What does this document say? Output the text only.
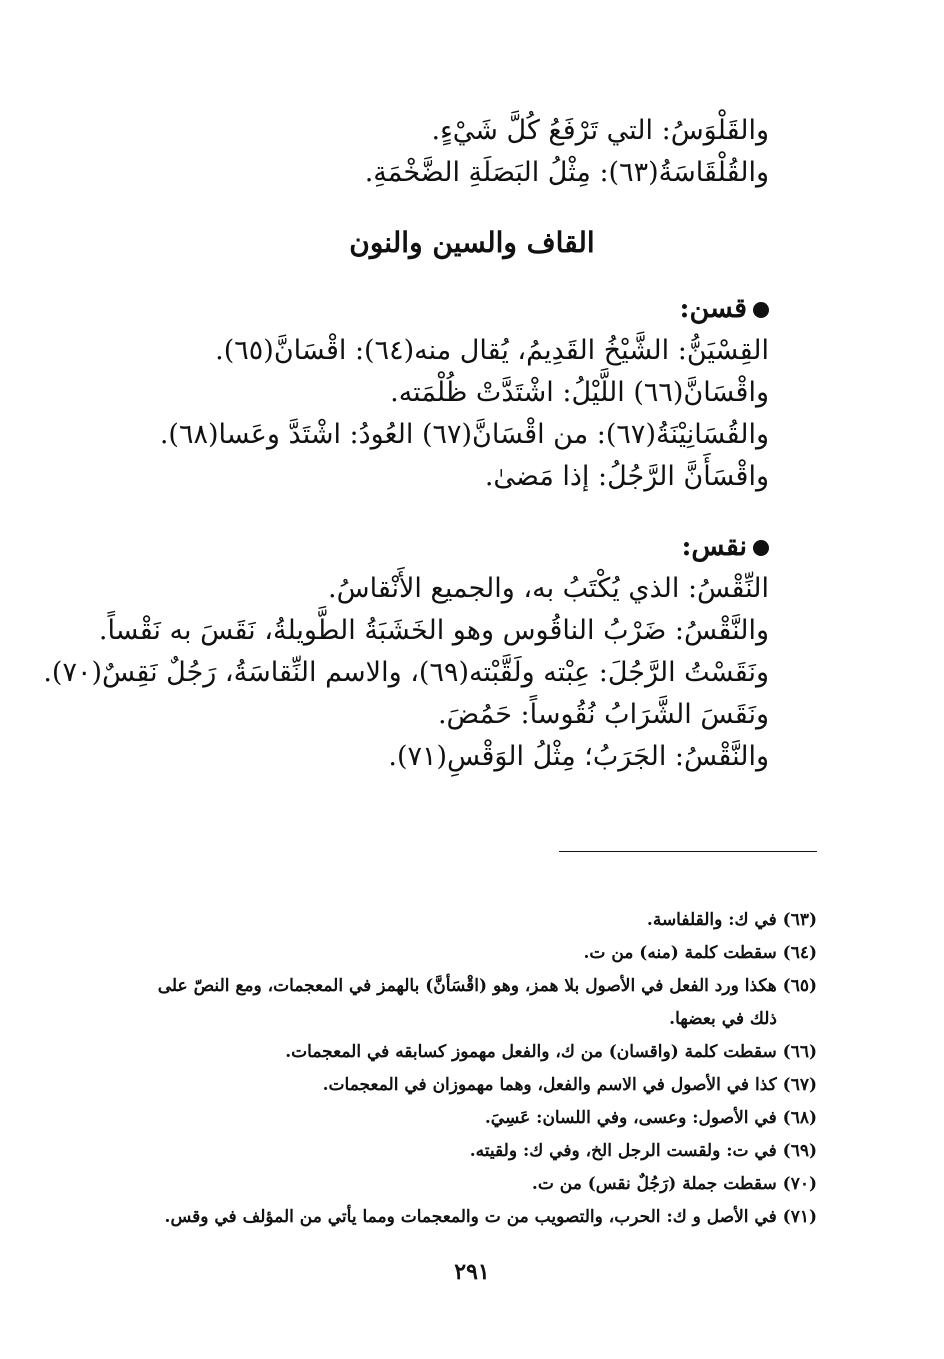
والقَلْوَسُ: التي تَرْفَعُ كُلَّ شَيْءٍ.
والقُلْقَاسَةُ(٦٣): مِثْلُ البَصَلَةِ الضَّخْمَةِ.
القاف والسين والنون
قسن:
القِسْيَنُّ: الشَّيْخُ القَدِيمُ، يُقال منه(٦٤): اقْسَانَّ(٦٥).
واقْسَانَّ(٦٦) اللَّيْلُ: اشْتَدَّتْ ظُلْمَته.
والقُسَانِيْنَةُ(٦٧): من اقْسَانَّ(٦٧) العُودُ: اشْتَدَّ وعَسا(٦٨).
واقْسَأَنَّ الرَّجُلُ: إذا مَضىٰ.
نقس:
النِّقْسُ: الذي يُكْتَبُ به، والجميع الأَنْقاسُ.
والنَّقْسُ: ضَرْبُ الناقُوس وهو الخَشَبَةُ الطَّويلةُ، نَقَسَ به نَقْساً.
ونَقَسْتُ الرَّجُلَ: عِبْته ولَقَّبْته(٦٩)، والاسم النِّقاسَةُ، رَجُلٌ نَقِسٌ(٧٠).
ونَقَسَ الشَّرَابُ نُقُوساً: حَمُضَ.
والنَّقْسُ: الجَرَبُ؛ مِثْلُ الوَقْسِ(٧١).
(٦٣) في ك: والقلفاسة.
(٦٤) سقطت كلمة (منه) من ت.
(٦٥) هكذا ورد الفعل في الأصول بلا همز، وهو (اقْسَأنَّ) بالهمز في المعجمات، ومع النصّ على
ذلك في بعضها.
(٦٦) سقطت كلمة (واقسان) من ك، والفعل مهموز كسابقه في المعجمات.
(٦٧) كذا في الأصول في الاسم والفعل، وهما مهموزان في المعجمات.
(٦٨) في الأصول: وعسى، وفي اللسان: عَسِيَ.
(٦٩) في ت: ولقست الرجل الخ، وفي ك: ولقيته.
(٧٠) سقطت جملة (رَجُلٌ نقس) من ت.
(٧١) في الأصل و ك: الحرب، والتصويب من ت والمعجمات ومما يأتي من المؤلف في وقس.
٢٩١
